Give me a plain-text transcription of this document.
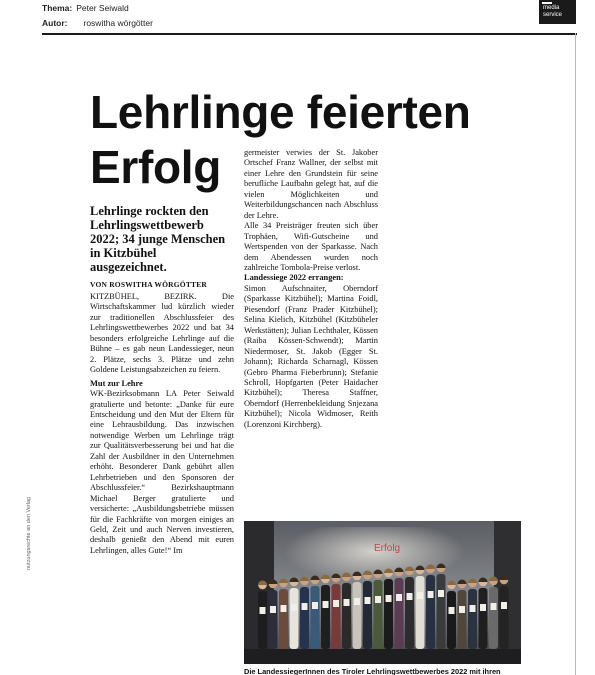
Thema: Peter Seiwald
Autor: roswitha wörgötter
media
service
nutzungsrechte an den Verlag
Lehrlinge feierten
Erfolg
Lehrlinge rockten den Lehrlingswettbewerb 2022; 34 junge Menschen in Kitzbühel ausgezeichnet.
VON ROSWITHA WÖRGÖTTER

KITZBÜHEL, BEZIRK. Die Wirtschaftskammer lud kürzlich wieder zur traditionellen Abschlussfeier des Lehrlingswettbewerbes 2022 und bat 34 besonders erfolgreiche Lehrlinge auf die Bühne – es gab neun Landessieger, neun 2. Plätze, sechs 3. Plätze und zehn Goldene Leistungsabzeichen zu feiern.

Mut zur Lehre

WK-Bezirksobmann LA Peter Seiwald gratulierte und betonte: „Danke für eure Entscheidung und den Mut der Eltern für eine Lehrausbildung. Das inzwischen notwendige Werben um Lehrlinge trägt zur Qualitätsverbesserung bei und hat die Zahl der Ausbildner in den Unternehmen erhöht. Besonderer Dank gebührt allen Lehrbetrieben und den Sponsoren der Abschlussfeier.“ Bezirkshauptmann Michael Berger gratulierte und versicherte: „Ausbildungsbetriebe müssen für die Fachkräfte von morgen einiges an Geld, Zeit und auch Nerven investieren, deshalb genießt den Abend mit euren Lehrlingen, alles Gute!“ Im

germeister verwies der St. Jakober Ortschef Franz Wallner, der selbst mit einer Lehre den Grundstein für seine berufliche Laufbahn gelegt hat, auf die vielen Möglichkeiten und Weiterbildungschancen nach Abschluss der Lehre.

Alle 34 Preisträger freuten sich über Trophäen, Wifi-Gutscheine und Wertspenden von der Sparkasse. Nach dem Abendessen wurden noch zahlreiche Tombola-Preise verlost.

Landessiege 2022 errangen:

Simon Aufschnaiter, Oberndorf (Sparkasse Kitzbühel); Martina Foidl, Piesendorf (Franz Prader Kitzbühel); Selina Kielich, Kitzbühel (Kitzbüheler Werkstätten); Julian Lechthaler, Kössen (Raiba Kössen-Schwendt); Martin Niedermoser, St. Jakob (Egger St. Johann); Richarda Scharnagl, Kössen (Gebro Pharma Fieberbrunn); Stefanie Schroll, Hopfgarten (Peter Haidacher Kitzbühel); Theresa Staffner, Oberndorf (Herrenbekleidung Snjezana Kitzbühel); Nicola Widmoser, Reith (Lorenzoni Kirchberg).

Erfolg
Die LandessiegerInnen des Tiroler Lehrlingswettbewerbes 2022 mit ihren
